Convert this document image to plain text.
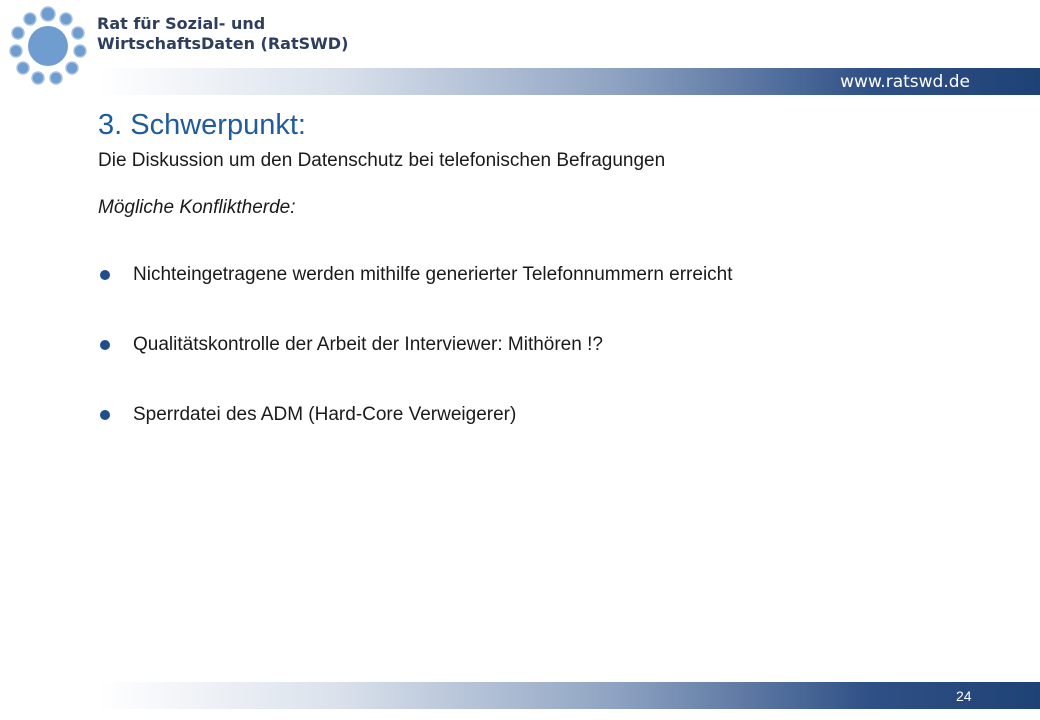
Rat für Sozial- und
WirtschaftsDaten (RatSWD)
www.ratswd.de
3. Schwerpunkt:
Die Diskussion um den Datenschutz bei telefonischen Befragungen
Mögliche Konfliktherde:
Nichteingetragene werden mithilfe generierter Telefonnummern erreicht
Qualitätskontrolle der Arbeit der Interviewer: Mithören !?
Sperrdatei des ADM (Hard-Core Verweigerer)
24
